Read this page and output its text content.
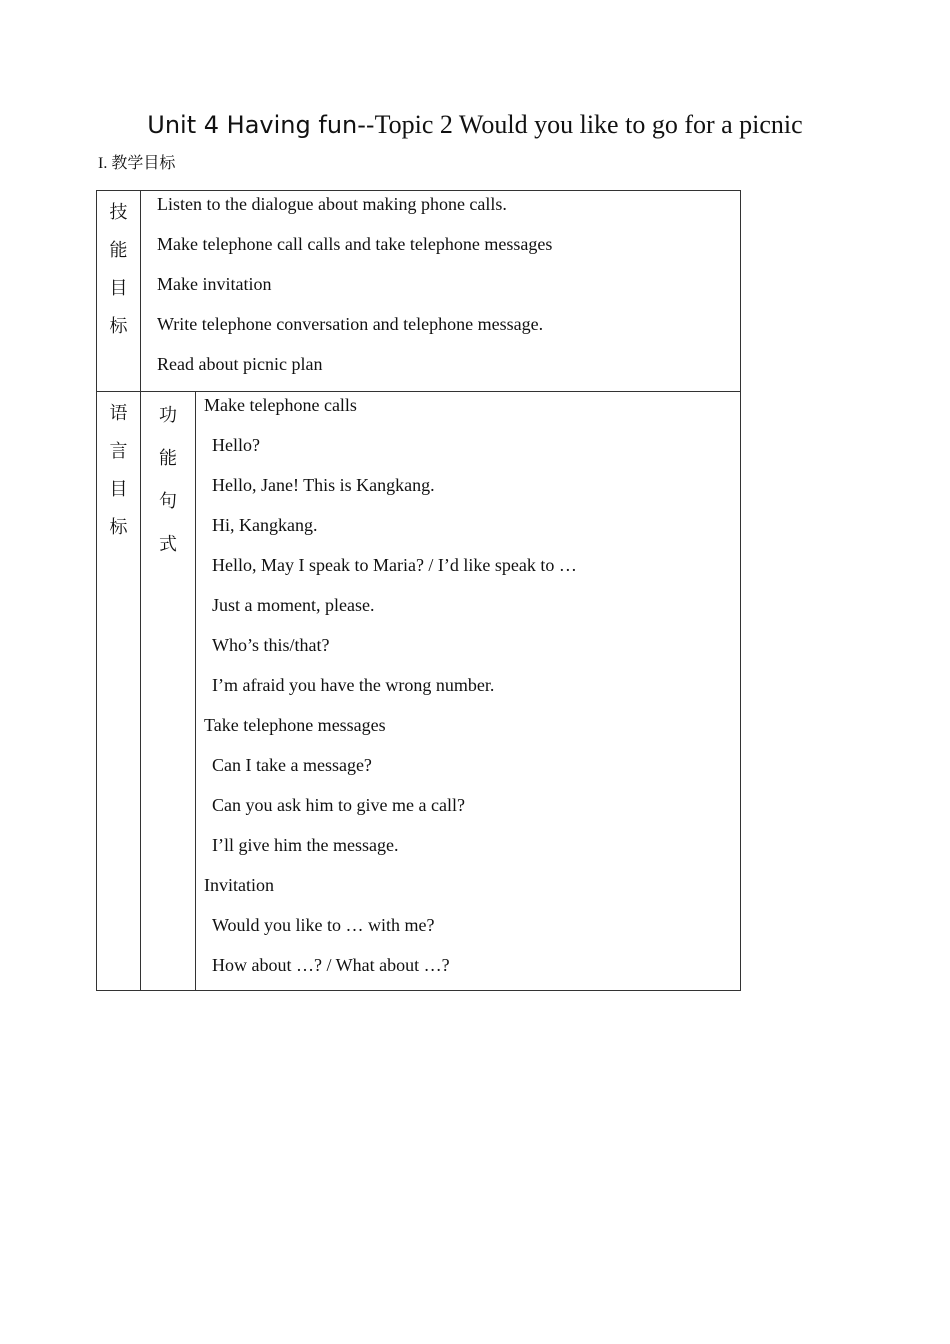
Unit 4 Having fun--Topic 2 Would you like to go for a picnic
I. 教学目标
技
能
目
标
Listen to the dialogue about making phone calls.
Make telephone call calls and take telephone messages
Make invitation
Write telephone conversation and telephone message.
Read about picnic plan
语
言
目
标
功
能
句
式
Make telephone calls
Hello?
Hello, Jane! This is Kangkang.
Hi, Kangkang.
Hello, May I speak to Maria? / I’d like speak to …
Just a moment, please.
Who’s this/that?
I’m afraid you have the wrong number.
Take telephone messages
Can I take a message?
Can you ask him to give me a call?
I’ll give him the message.
Invitation
Would you like to … with me?
How about …? / What about …?
